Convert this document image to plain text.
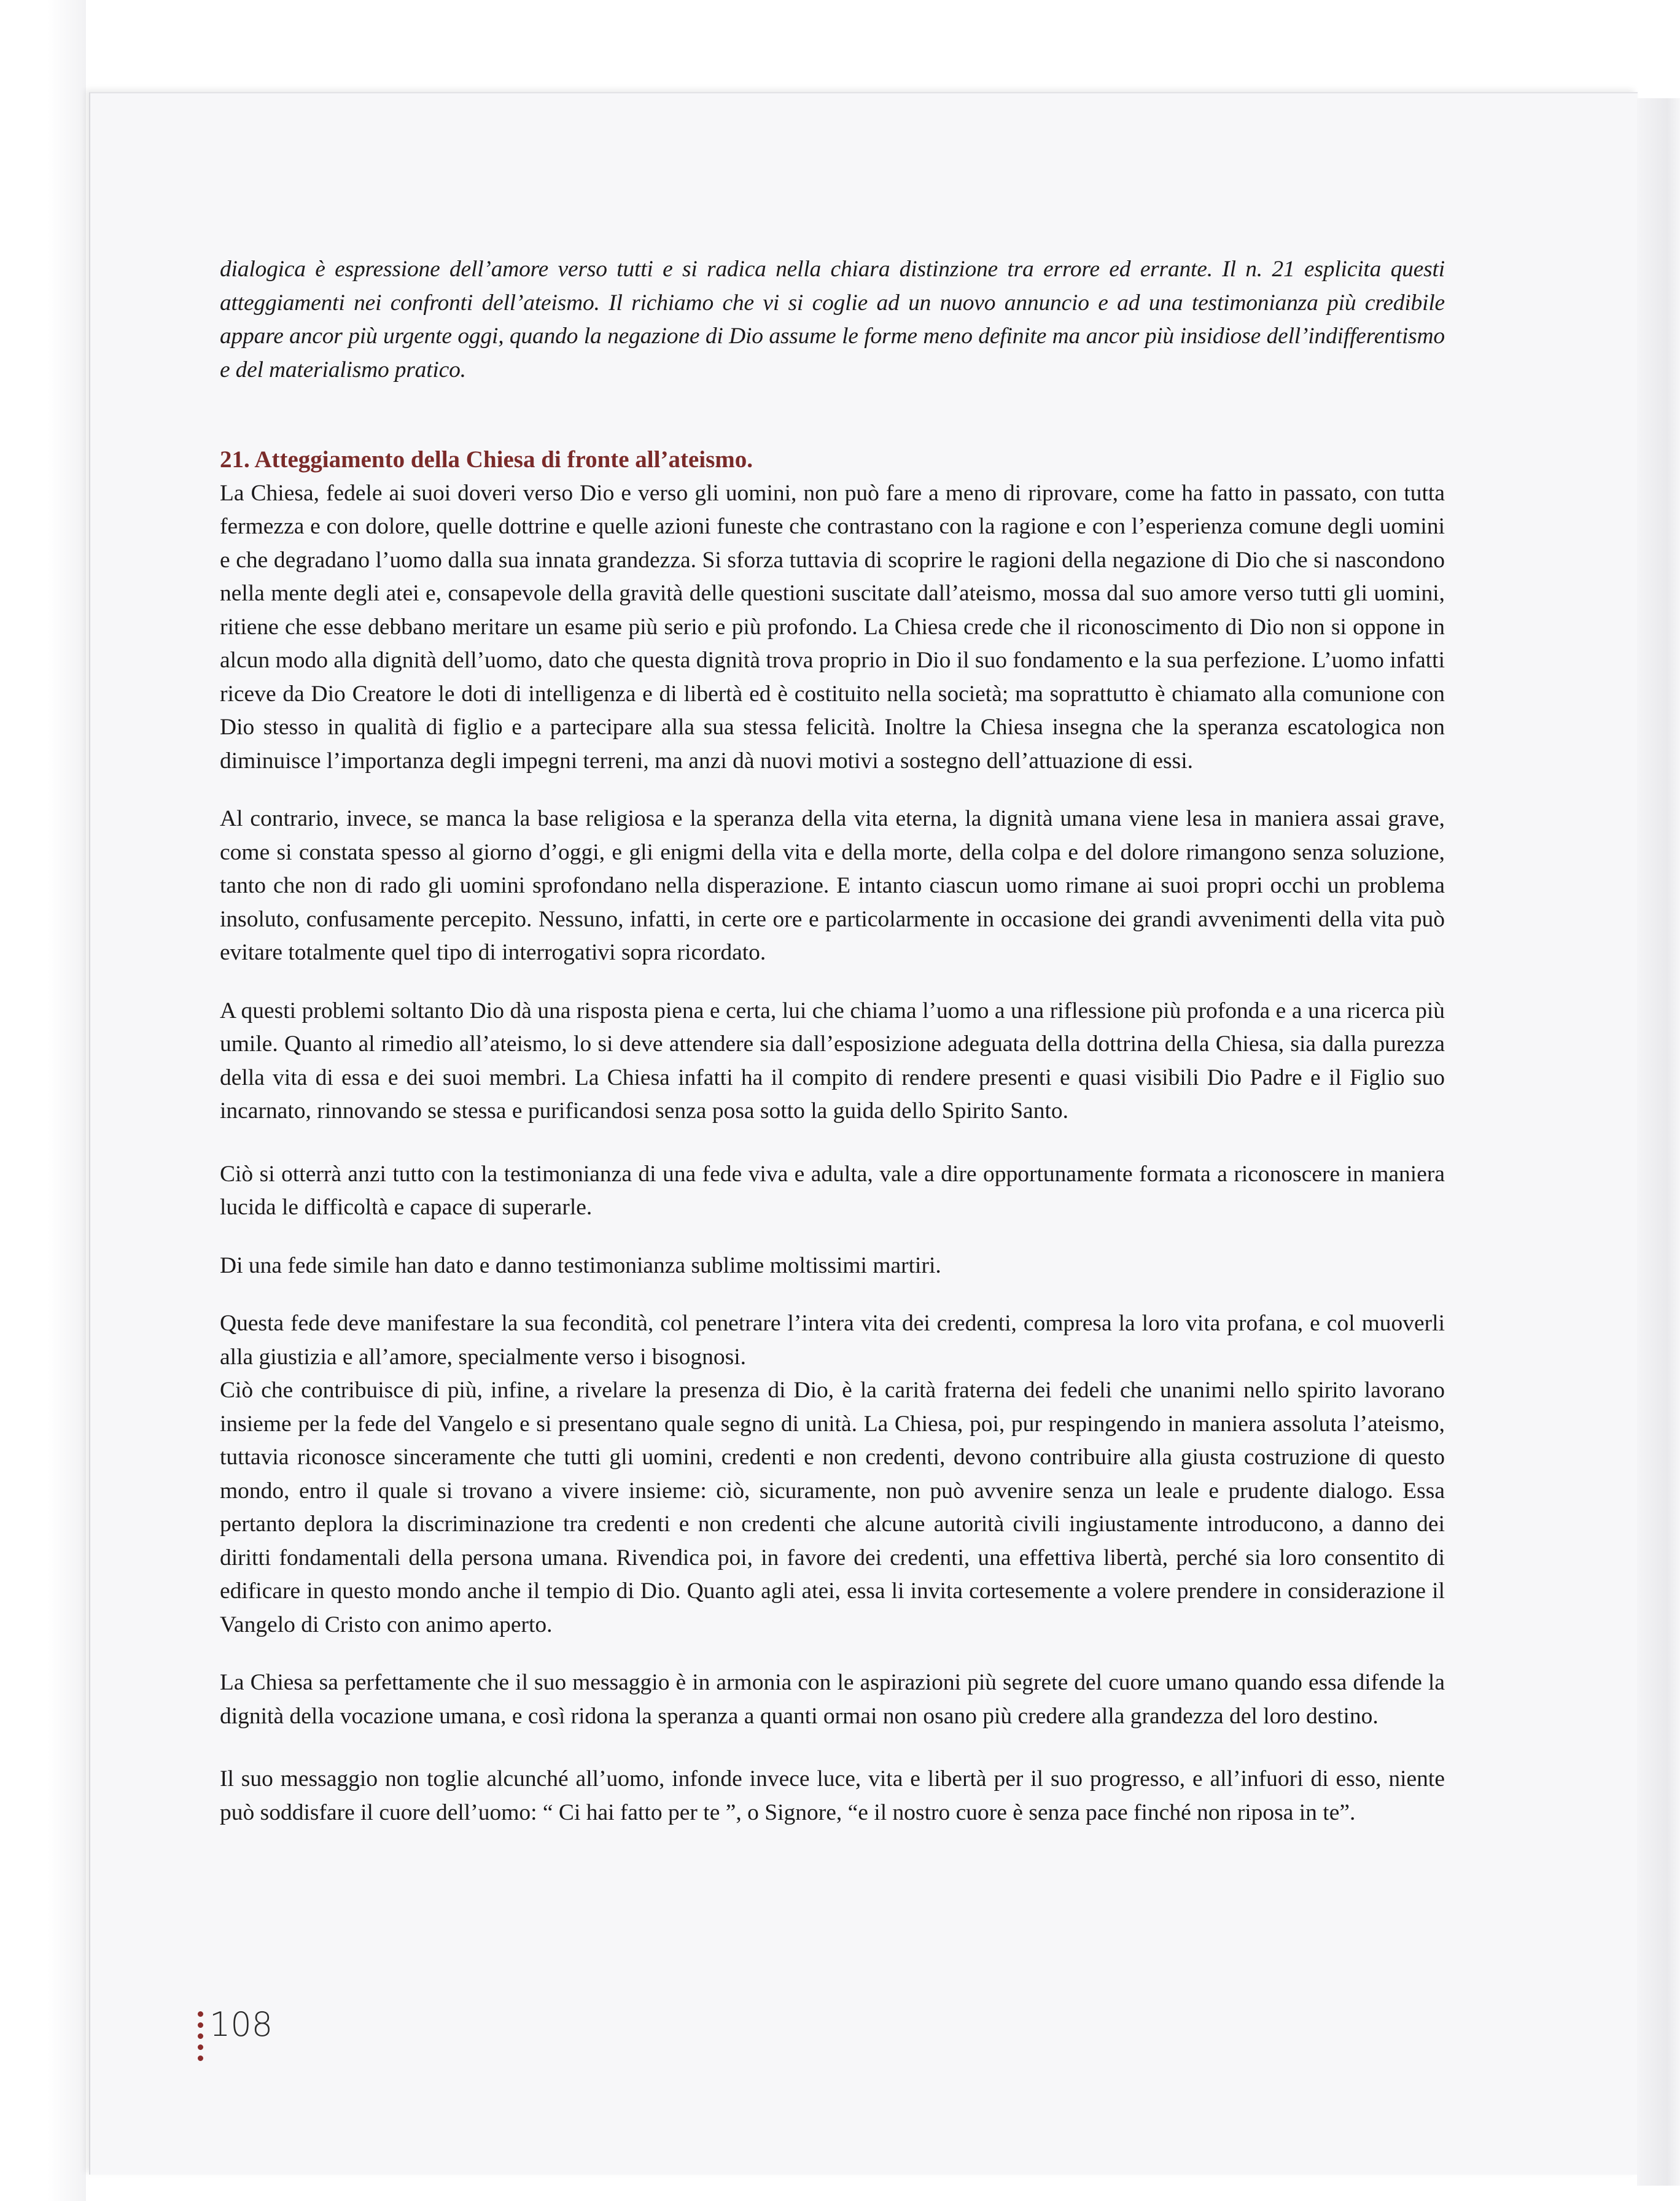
dialogica è espressione dell’amore verso tutti e si radica nella chiara distinzione tra errore ed errante. Il n. 21 esplicita questi atteggiamenti nei confronti dell’ateismo. Il richiamo che vi si coglie ad un nuovo annuncio e ad una testimonianza più credibile appare ancor più urgente oggi, quando la negazione di Dio assume le forme meno definite ma ancor più insidiose dell’indifferentismo e del materialismo pratico.

21. Atteggiamento della Chiesa di fronte all’ateismo.

La Chiesa, fedele ai suoi doveri verso Dio e verso gli uomini, non può fare a meno di riprovare, come ha fatto in passato, con tutta fermezza e con dolore, quelle dottrine e quelle azioni funeste che contrastano con la ragione e con l’esperienza comune degli uomini e che degradano l’uomo dalla sua innata grandezza. Si sforza tuttavia di scoprire le ragioni della negazione di Dio che si nascondono nella mente degli atei e, consapevole della gravità delle questioni suscitate dall’ateismo, mossa dal suo amore verso tutti gli uomini, ritiene che esse debbano meritare un esame più serio e più profondo. La Chiesa crede che il riconoscimento di Dio non si oppone in alcun modo alla dignità dell’uomo, dato che questa dignità trova proprio in Dio il suo fondamento e la sua perfezione. L’uomo infatti riceve da Dio Creatore le doti di intelligenza e di libertà ed è costituito nella società; ma soprattutto è chiamato alla comunione con Dio stesso in qualità di figlio e a partecipare alla sua stessa felicità. Inoltre la Chiesa insegna che la speranza escatologica non diminuisce l’importanza degli impegni terreni, ma anzi dà nuovi motivi a sostegno dell’attuazione di essi.

Al contrario, invece, se manca la base religiosa e la speranza della vita eterna, la dignità umana viene lesa in maniera assai grave, come si constata spesso al giorno d’oggi, e gli enigmi della vita e della morte, della colpa e del dolore rimangono senza soluzione, tanto che non di rado gli uomini sprofondano nella disperazione. E intanto ciascun uomo rimane ai suoi propri occhi un problema insoluto, confusamente percepito. Nessuno, infatti, in certe ore e particolarmente in occasione dei grandi avvenimenti della vita può evitare totalmente quel tipo di interrogativi sopra ricordato.

A questi problemi soltanto Dio dà una risposta piena e certa, lui che chiama l’uomo a una riflessione più profonda e a una ricerca più umile. Quanto al rimedio all’ateismo, lo si deve attendere sia dall’esposizione adeguata della dottrina della Chiesa, sia dalla purezza della vita di essa e dei suoi membri. La Chiesa infatti ha il compito di rendere presenti e quasi visibili Dio Padre e il Figlio suo incarnato, rinnovando se stessa e purificandosi senza posa sotto la guida dello Spirito Santo.

Ciò si otterrà anzi tutto con la testimonianza di una fede viva e adulta, vale a dire opportunamente formata a riconoscere in maniera lucida le difficoltà e capace di superarle.

Di una fede simile han dato e danno testimonianza sublime moltissimi martiri.

Questa fede deve manifestare la sua fecondità, col penetrare l’intera vita dei credenti, compresa la loro vita profana, e col muoverli alla giustizia e all’amore, specialmente verso i bisognosi.

Ciò che contribuisce di più, infine, a rivelare la presenza di Dio, è la carità fraterna dei fedeli che unanimi nello spirito lavorano insieme per la fede del Vangelo e si presentano quale segno di unità. La Chiesa, poi, pur respingendo in maniera assoluta l’ateismo, tuttavia riconosce sinceramente che tutti gli uomini, credenti e non credenti, devono contribuire alla giusta costruzione di questo mondo, entro il quale si trovano a vivere insieme: ciò, sicuramente, non può avvenire senza un leale e prudente dialogo. Essa pertanto deplora la discriminazione tra credenti e non credenti che alcune autorità civili ingiustamente introducono, a danno dei diritti fondamentali della persona umana. Rivendica poi, in favore dei credenti, una effettiva libertà, perché sia loro consentito di edificare in questo mondo anche il tempio di Dio. Quanto agli atei, essa li invita cortesemente a volere prendere in considerazione il Vangelo di Cristo con animo aperto.

La Chiesa sa perfettamente che il suo messaggio è in armonia con le aspirazioni più segrete del cuore umano quando essa difende la dignità della vocazione umana, e così ridona la speranza a quanti ormai non osano più credere alla grandezza del loro destino.

Il suo messaggio non toglie alcunché all’uomo, infonde invece luce, vita e libertà per il suo progresso, e all’infuori di esso, niente può soddisfare il cuore dell’uomo: “ Ci hai fatto per te ”, o Signore, “e il nostro cuore è senza pace finché non riposa in te”.

108
